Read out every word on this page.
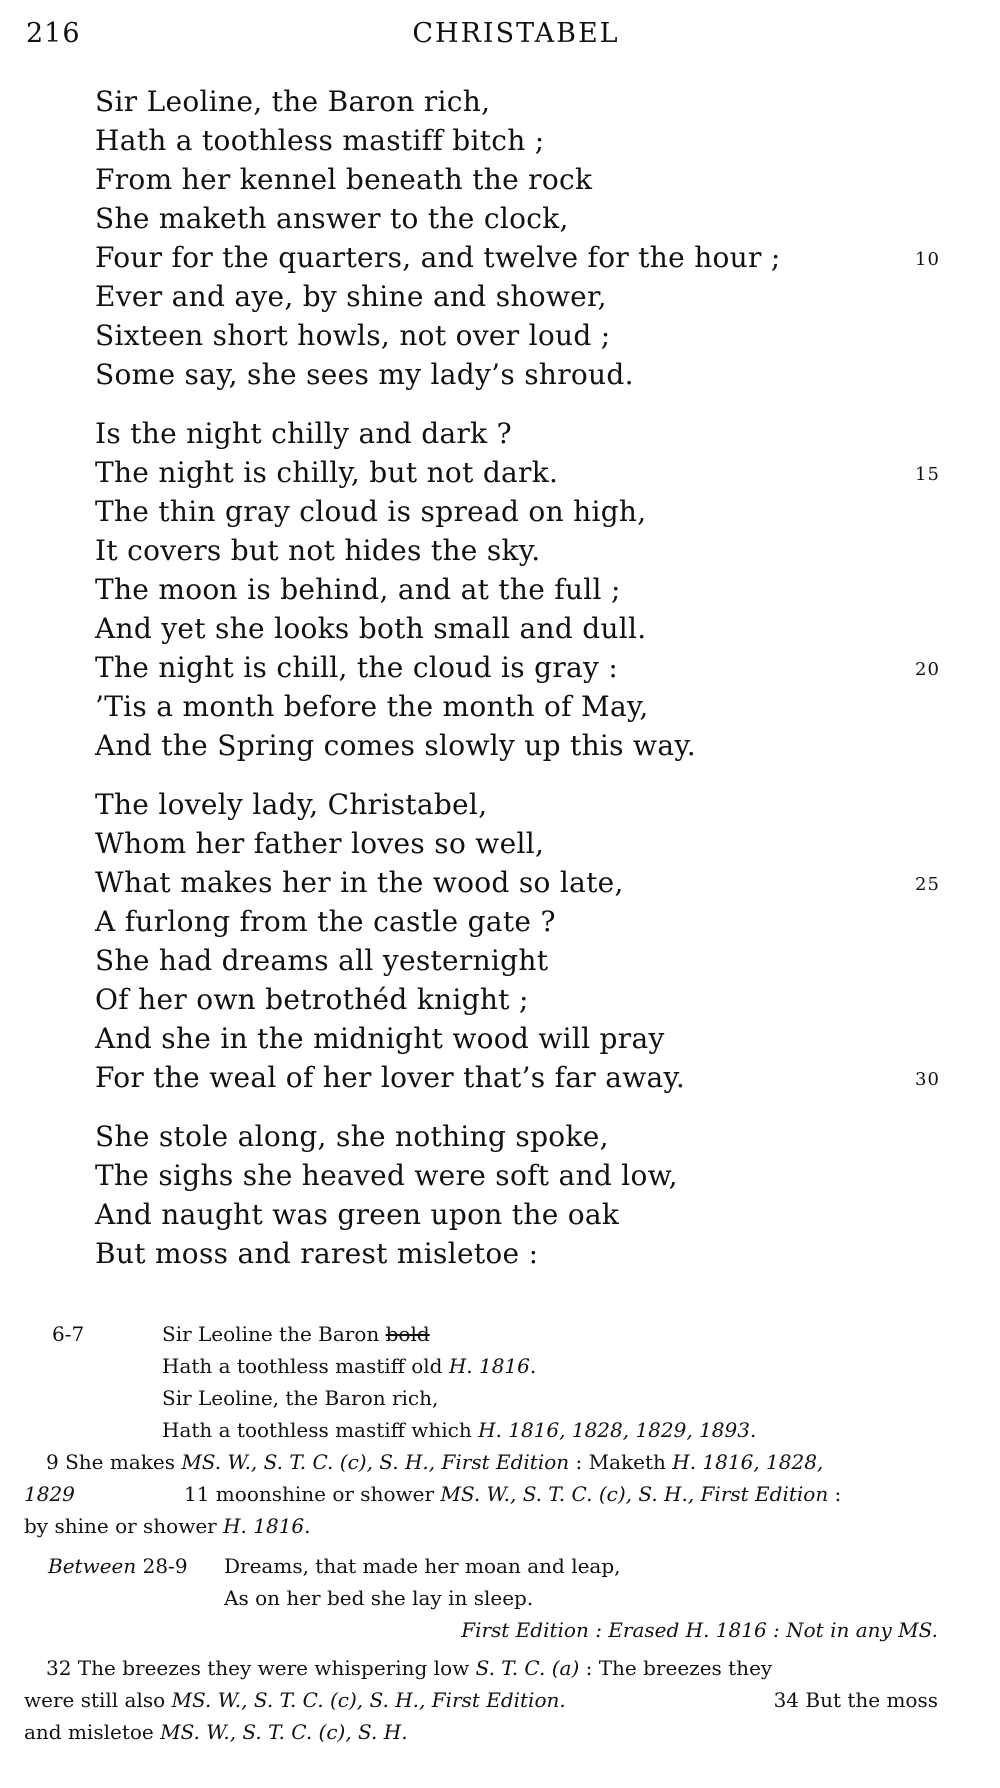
216	CHRISTABEL
Sir Leoline, the Baron rich,
Hath a toothless mastiff bitch ;
From her kennel beneath the rock
She maketh answer to the clock,
Four for the quarters, and twelve for the hour ;	10
Ever and aye, by shine and shower,
Sixteen short howls, not over loud ;
Some say, she sees my lady’s shroud.
Is the night chilly and dark ?
The night is chilly, but not dark.	15
The thin gray cloud is spread on high,
It covers but not hides the sky.
The moon is behind, and at the full ;
And yet she looks both small and dull.
The night is chill, the cloud is gray :	20
’Tis a month before the month of May,
And the Spring comes slowly up this way.
The lovely lady, Christabel,
Whom her father loves so well,
What makes her in the wood so late,	25
A furlong from the castle gate ?
She had dreams all yesternight
Of her own betrothéd knight ;
And she in the midnight wood will pray
For the weal of her lover that’s far away.	30
She stole along, she nothing spoke,
The sighs she heaved were soft and low,
And naught was green upon the oak
But moss and rarest misletoe :
6-7	Sir Leoline the Baron bold
Hath a toothless mastiff old H. 1816.
Sir Leoline, the Baron rich,
Hath a toothless mastiff which H. 1816, 1828, 1829, 1893.
9 She makes MS. W., S. T. C. (c), S. H., First Edition : Maketh H. 1816, 1828,
1829	11 moonshine or shower MS. W., S. T. C. (c), S. H., First Edition :
by shine or shower H. 1816.
Between 28-9 Dreams, that made her moan and leap,
As on her bed she lay in sleep.
First Edition : Erased H. 1816 : Not in any MS.
32 The breezes they were whispering low S. T. C. (a) : The breezes they
were still also MS. W., S. T. C. (c), S. H., First Edition.	34 But the moss
and misletoe MS. W., S. T. C. (c), S. H.
